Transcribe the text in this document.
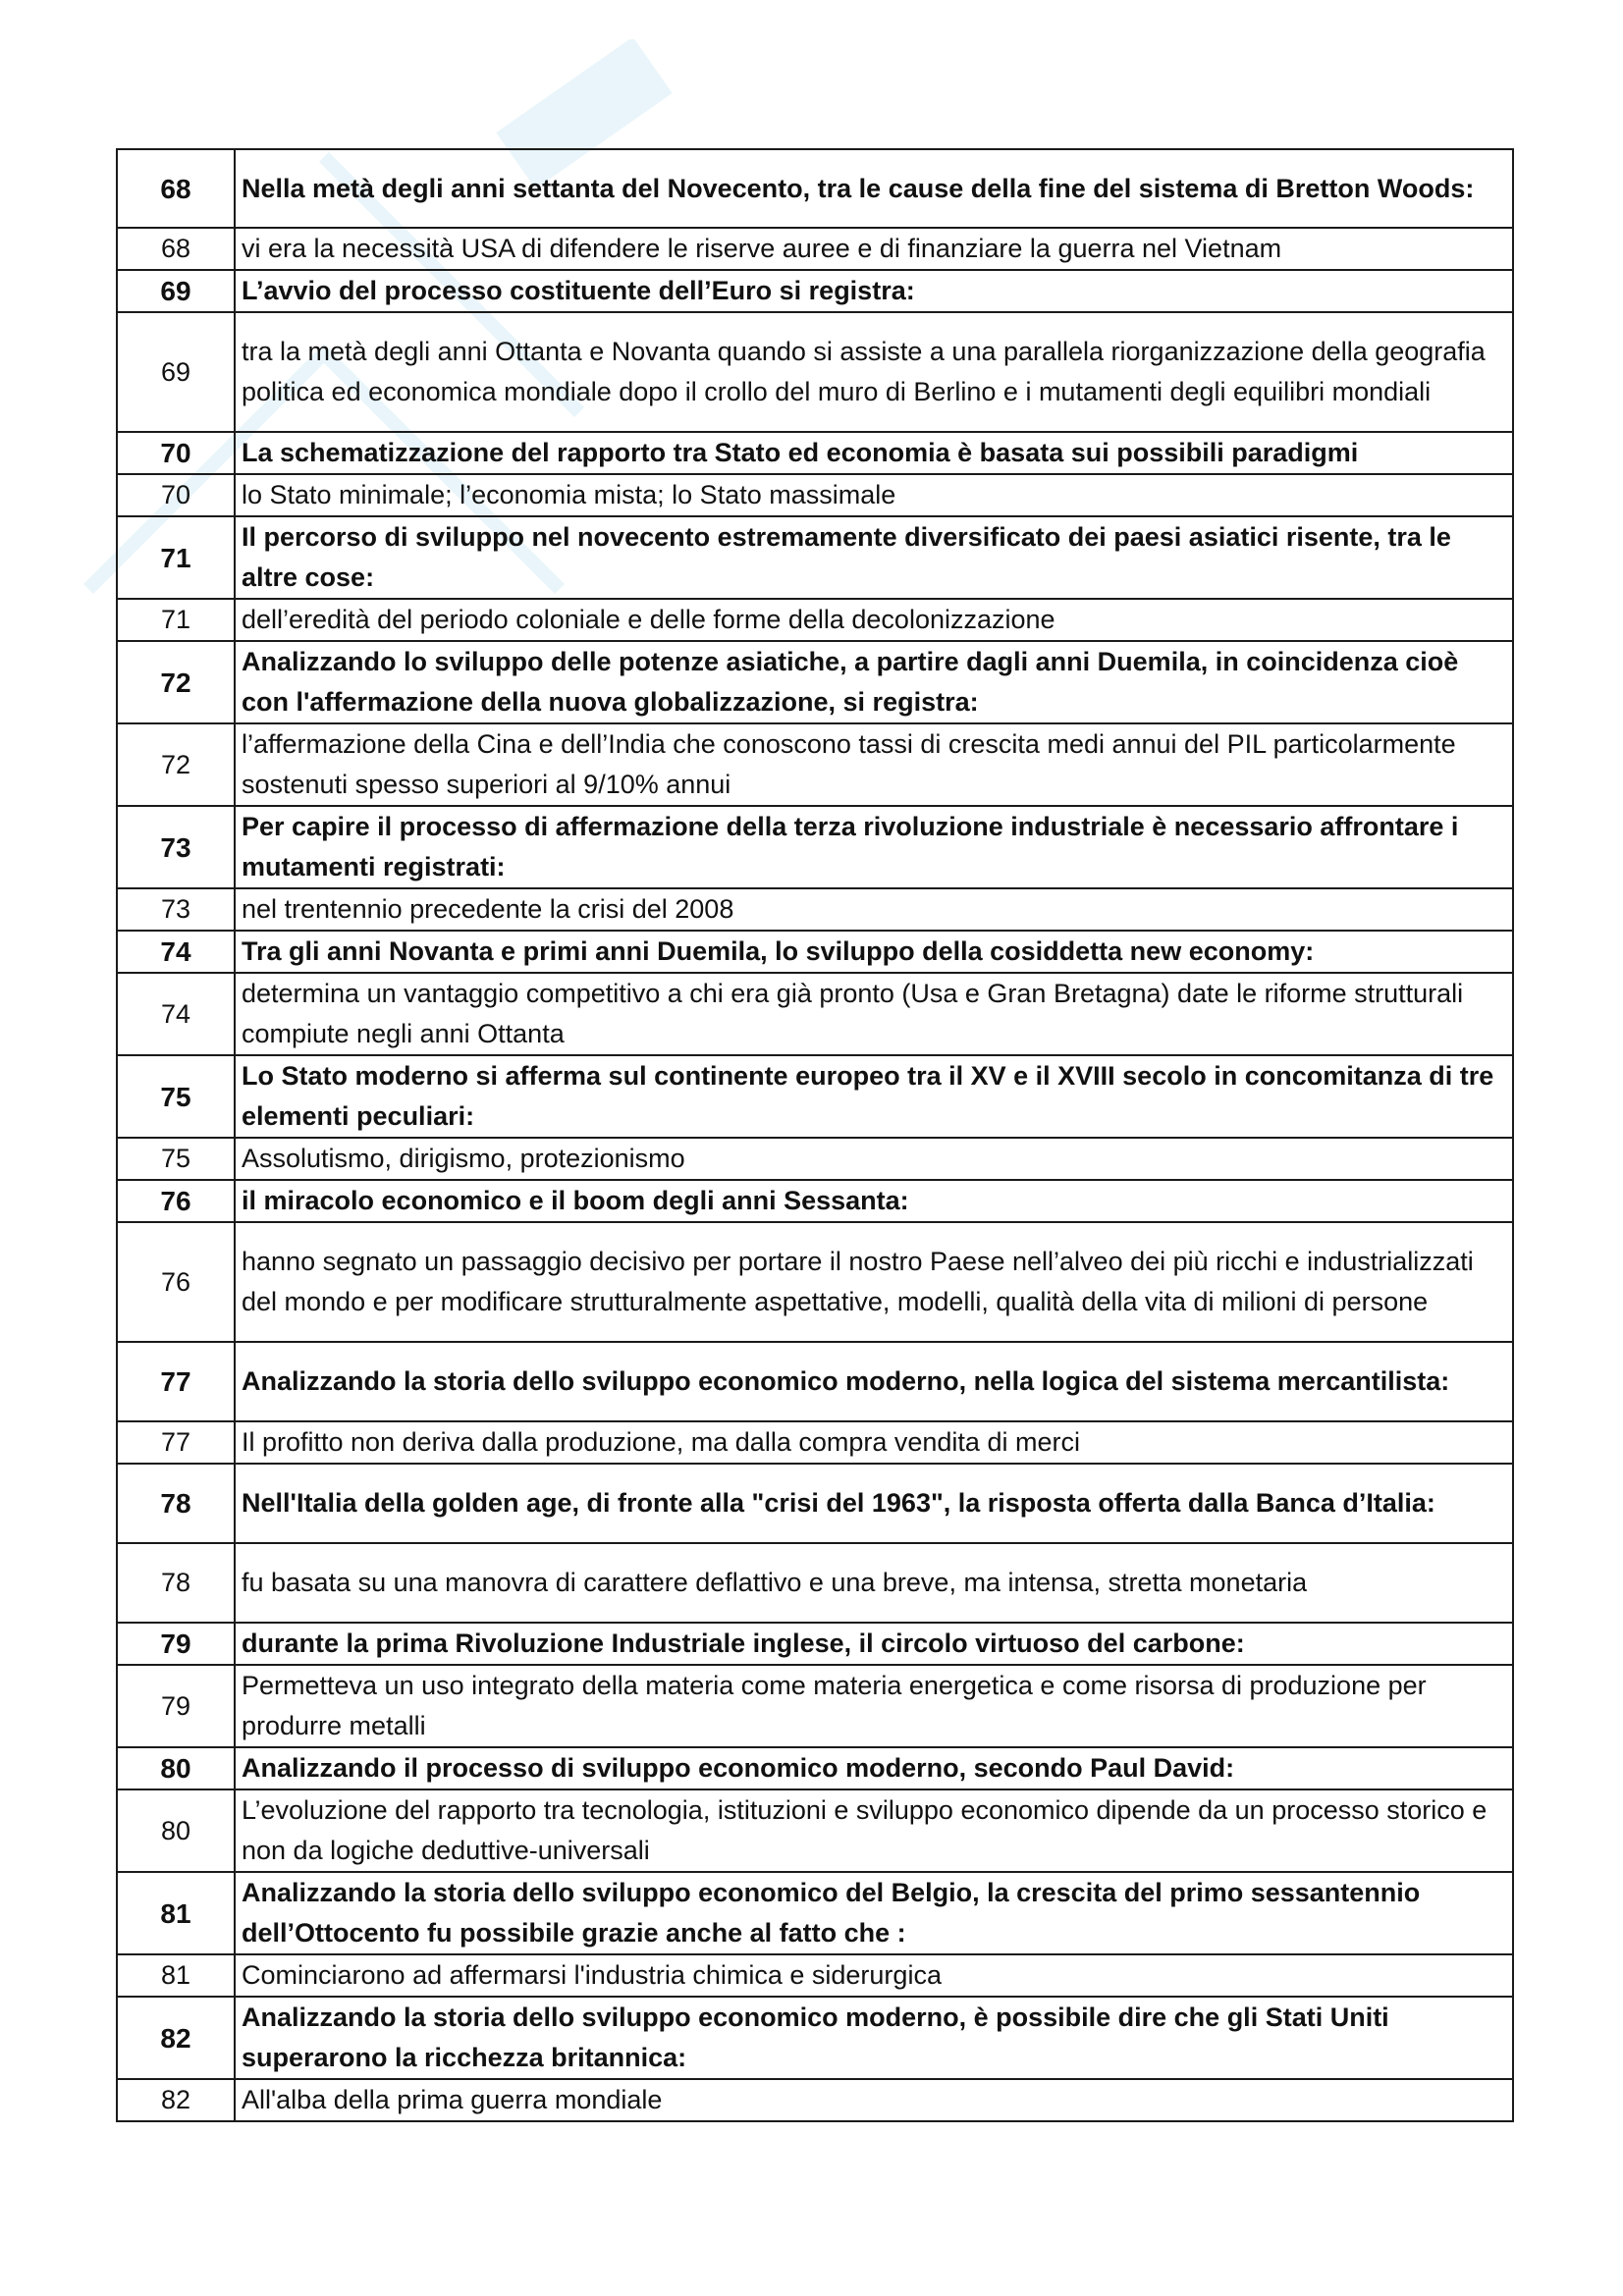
68	Nella metà degli anni settanta del Novecento, tra le cause della fine del sistema di Bretton Woods:
68	vi era la necessità USA di difendere le riserve auree e di finanziare la guerra nel Vietnam
69	L’avvio del processo costituente dell’Euro si registra:
69	tra la metà degli anni Ottanta e Novanta quando si assiste a una parallela riorganizzazione della geografia politica ed economica mondiale dopo il crollo del muro di Berlino e i mutamenti degli equilibri mondiali
70	La schematizzazione del rapporto tra Stato ed economia è basata sui possibili paradigmi
70	lo Stato minimale; l’economia mista; lo Stato massimale
71	Il percorso di sviluppo nel novecento estremamente diversificato dei paesi asiatici risente, tra le altre cose:
71	dell’eredità del periodo coloniale e delle forme della decolonizzazione
72	Analizzando lo sviluppo delle potenze asiatiche, a partire dagli anni Duemila, in coincidenza cioè con l'affermazione della nuova globalizzazione, si registra:
72	l’affermazione della Cina e dell’India che conoscono tassi di crescita medi annui del PIL particolarmente sostenuti spesso superiori al 9/10% annui
73	Per capire il processo di affermazione della terza rivoluzione industriale è necessario affrontare i mutamenti registrati:
73	nel trentennio precedente la crisi del 2008
74	Tra gli anni Novanta e primi anni Duemila, lo sviluppo della cosiddetta new economy:
74	determina un vantaggio competitivo a chi era già pronto (Usa e Gran Bretagna) date le riforme strutturali compiute negli anni Ottanta
75	Lo Stato moderno si afferma sul continente europeo tra il XV e il XVIII secolo in concomitanza di tre elementi peculiari:
75	Assolutismo, dirigismo, protezionismo
76	il miracolo economico e il boom degli anni Sessanta:
76	hanno segnato un passaggio decisivo per portare il nostro Paese nell’alveo dei più ricchi e industrializzati del mondo e per modificare strutturalmente aspettative, modelli, qualità della vita di milioni di persone
77	Analizzando la storia dello sviluppo economico moderno, nella logica del sistema mercantilista:
77	Il profitto non deriva dalla produzione, ma dalla compra vendita di merci
78	Nell'Italia della golden age, di fronte alla "crisi del 1963", la risposta offerta dalla Banca d’Italia:
78	fu basata su una manovra di carattere deflattivo e una breve, ma intensa, stretta monetaria
79	durante la prima Rivoluzione Industriale inglese, il circolo virtuoso del carbone:
79	Permetteva un uso integrato della materia come materia energetica e come risorsa di produzione per produrre metalli
80	Analizzando il processo di sviluppo economico moderno, secondo Paul David:
80	L’evoluzione del rapporto tra tecnologia, istituzioni e sviluppo economico dipende da un processo storico e non da logiche deduttive-universali
81	Analizzando la storia dello sviluppo economico del Belgio, la crescita del primo sessantennio dell’Ottocento fu possibile grazie anche al fatto che :
81	Cominciarono ad affermarsi l'industria chimica e siderurgica
82	Analizzando la storia dello sviluppo economico moderno, è possibile dire che gli Stati Uniti superarono la ricchezza britannica:
82	All'alba della prima guerra mondiale
